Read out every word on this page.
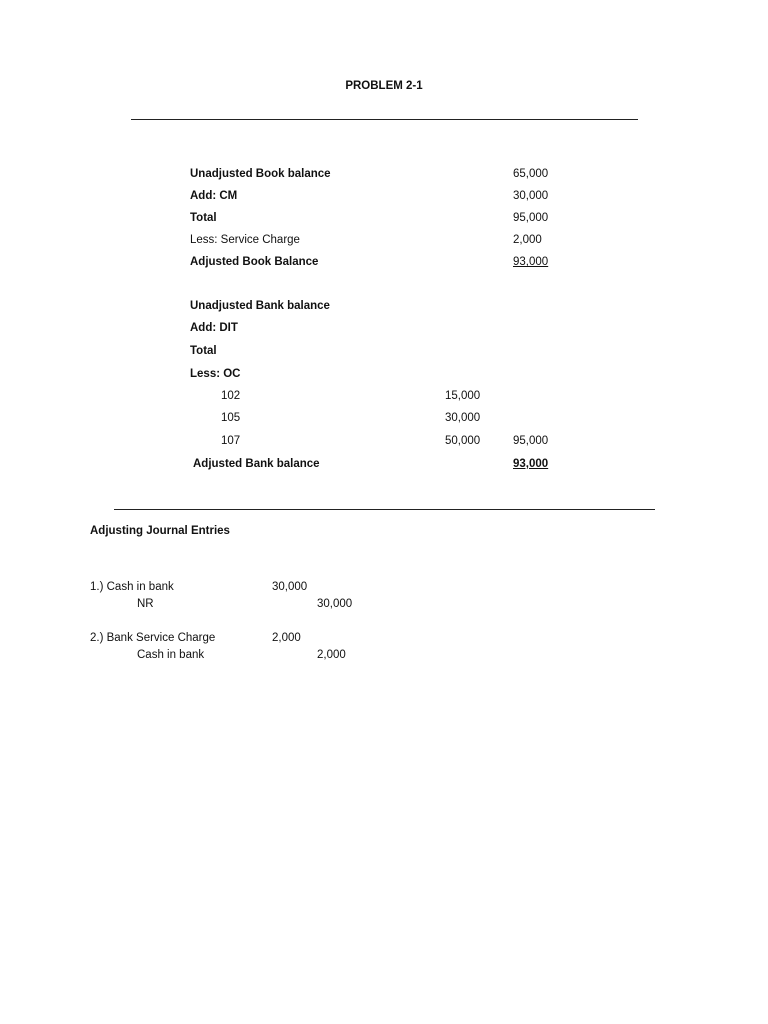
PROBLEM 2-1
Unadjusted Book balance	65,000
Add: CM	30,000
Total	95,000
Less: Service Charge	2,000
Adjusted Book Balance	93,000
Unadjusted Bank balance
Add: DIT
Total
Less: OC
102	15,000
105	30,000
107	50,000	95,000
Adjusted Bank balance	93,000
Adjusting Journal Entries
1.) Cash in bank	30,000
NR	30,000
2.) Bank Service Charge	2,000
Cash in bank	2,000
